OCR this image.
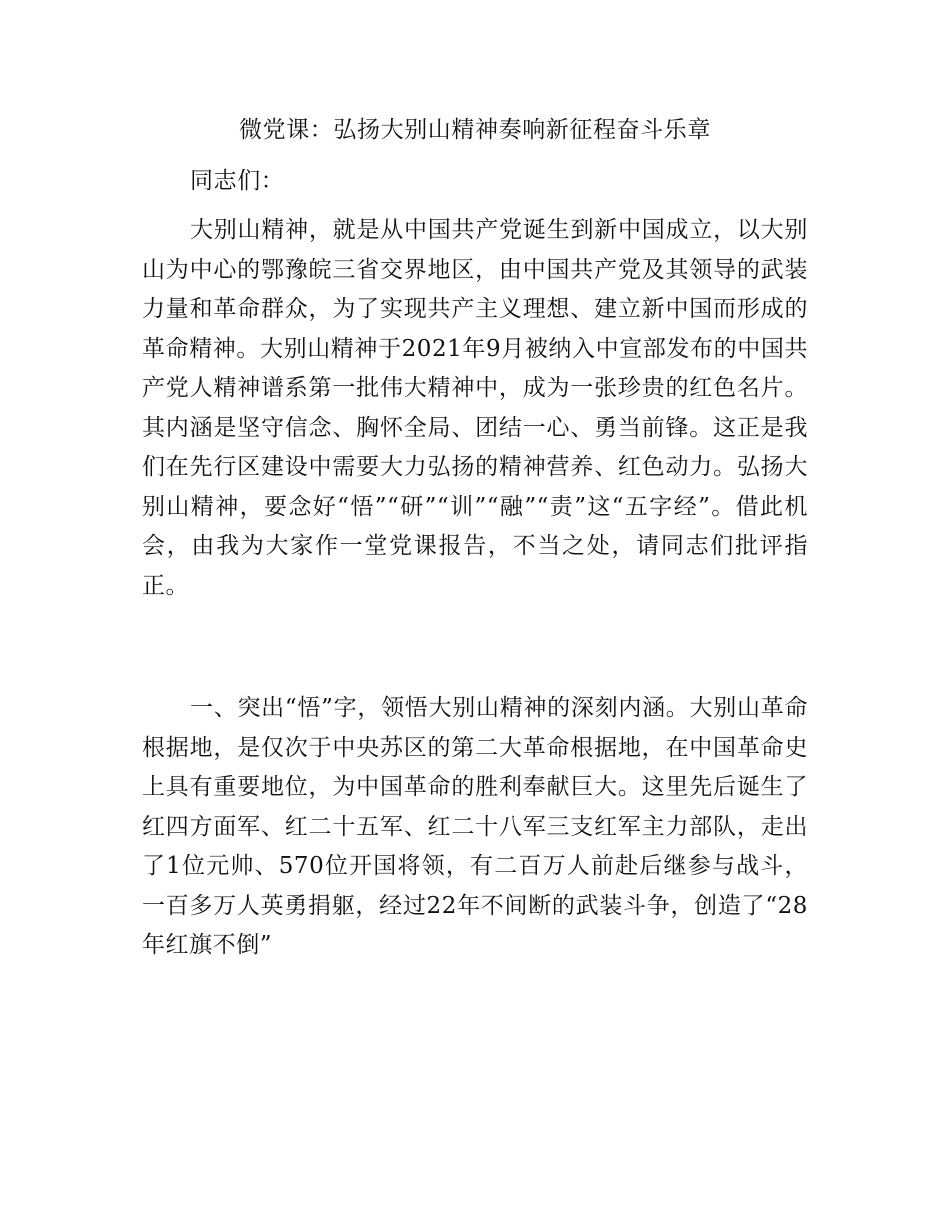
微党课：弘扬大别山精神奏响新征程奋斗乐章
同志们：

大别山精神，就是从中国共产党诞生到新中国成立，以大别山为中心的鄂豫皖三省交界地区，由中国共产党及其领导的武装力量和革命群众，为了实现共产主义理想、建立新中国而形成的革命精神。大别山精神于2021年9月被纳入中宣部发布的中国共产党人精神谱系第一批伟大精神中，成为一张珍贵的红色名片。其内涵是坚守信念、胸怀全局、团结一心、勇当前锋。这正是我们在先行区建设中需要大力弘扬的精神营养、红色动力。弘扬大别山精神，要念好“悟”“研”“训”“融”“责”这“五字经”。借此机会，由我为大家作一堂党课报告，不当之处，请同志们批评指正。

一、突出“悟”字，领悟大别山精神的深刻内涵。大别山革命根据地，是仅次于中央苏区的第二大革命根据地，在中国革命史上具有重要地位，为中国革命的胜利奉献巨大。这里先后诞生了红四方面军、红二十五军、红二十八军三支红军主力部队，走出了1位元帅、570位开国将领，有二百万人前赴后继参与战斗，一百多万人英勇捐躯，经过22年不间断的武装斗争，创造了“28年红旗不倒”
